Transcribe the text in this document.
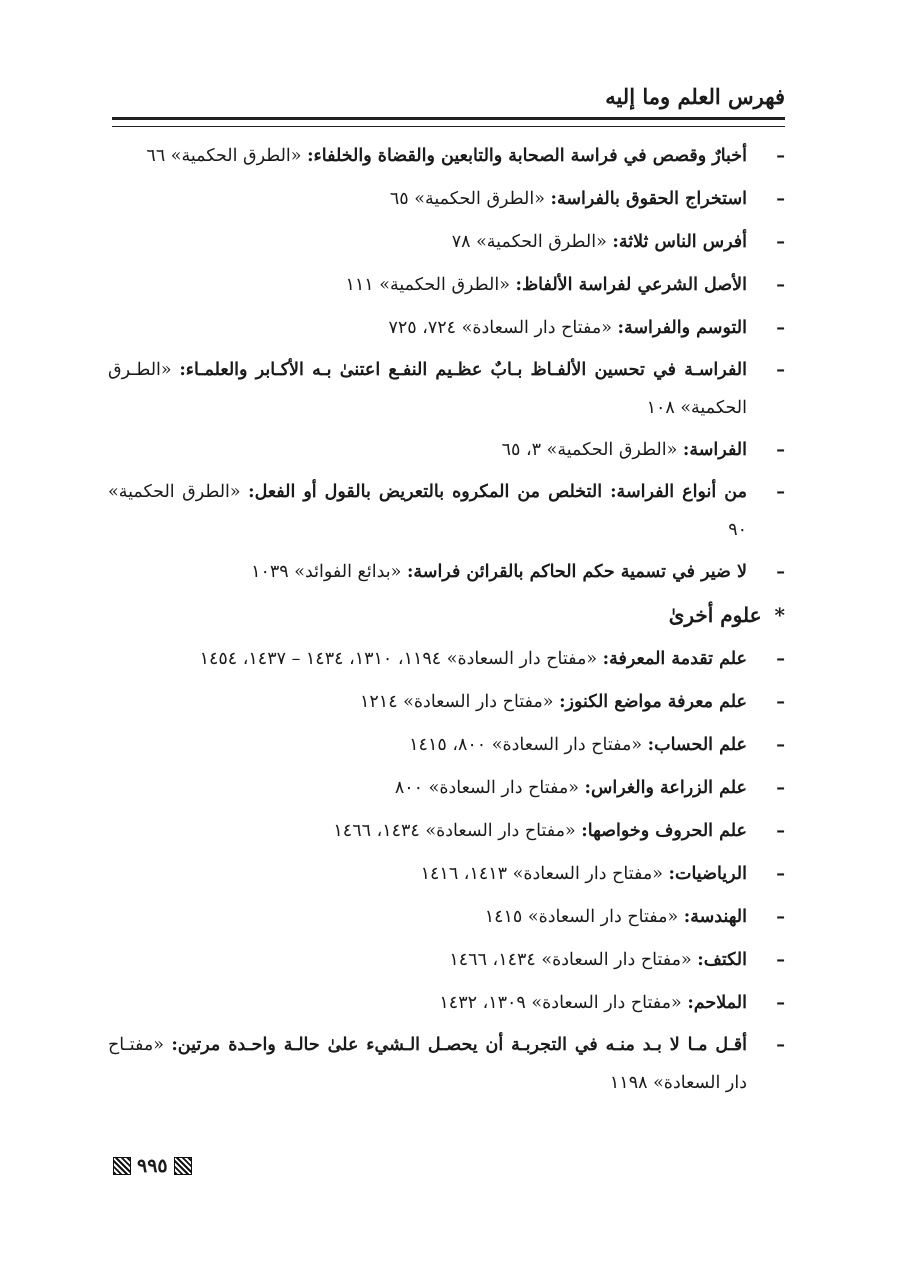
فهرس العلم وما إليه
–
أخبارٌ وقصص في فراسة الصحابة والتابعين والقضاة والخلفاء: «الطرق الحكمية» ٦٦
–
استخراج الحقوق بالفراسة: «الطرق الحكمية» ٦٥
–
أفرس الناس ثلاثة: «الطرق الحكمية» ٧٨
–
الأصل الشرعي لفراسة الألفاظ: «الطرق الحكمية» ١١١
–
التوسم والفراسة: «مفتاح دار السعادة» ٧٢٤، ٧٢٥
–
الفراسـة في تحسين الألفـاظ بـابٌ عظـيم النفـع اعتنىٰ بـه الأكـابر والعلمـاء: «الطـرق الحكمية» ١٠٨
–
الفراسة: «الطرق الحكمية» ٣، ٦٥
–
من أنواع الفراسة: التخلص من المكروه بالتعريض بالقول أو الفعل: «الطرق الحكمية» ٩٠
–
لا ضير في تسمية حكم الحاكم بالقرائن فراسة: «بدائع الفوائد» ١٠٣٩
* علوم أخرىٰ
–
علم تقدمة المعرفة: «مفتاح دار السعادة» ١١٩٤، ١٣١٠، ١٤٣٤ – ١٤٣٧، ١٤٥٤
–
علم معرفة مواضع الكنوز: «مفتاح دار السعادة» ١٢١٤
–
علم الحساب: «مفتاح دار السعادة» ٨٠٠، ١٤١٥
–
علم الزراعة والغراس: «مفتاح دار السعادة» ٨٠٠
–
علم الحروف وخواصها: «مفتاح دار السعادة» ١٤٣٤، ١٤٦٦
–
الرياضيات: «مفتاح دار السعادة» ١٤١٣، ١٤١٦
–
الهندسة: «مفتاح دار السعادة» ١٤١٥
–
الكتف: «مفتاح دار السعادة» ١٤٣٤، ١٤٦٦
–
الملاحم: «مفتاح دار السعادة» ١٣٠٩، ١٤٣٢
–
أقـل مـا لا بـد منـه في التجربـة أن يحصـل الـشيء علىٰ حالـة واحـدة مرتين: «مفتـاح دار السعادة» ١١٩٨
٩٩٥
